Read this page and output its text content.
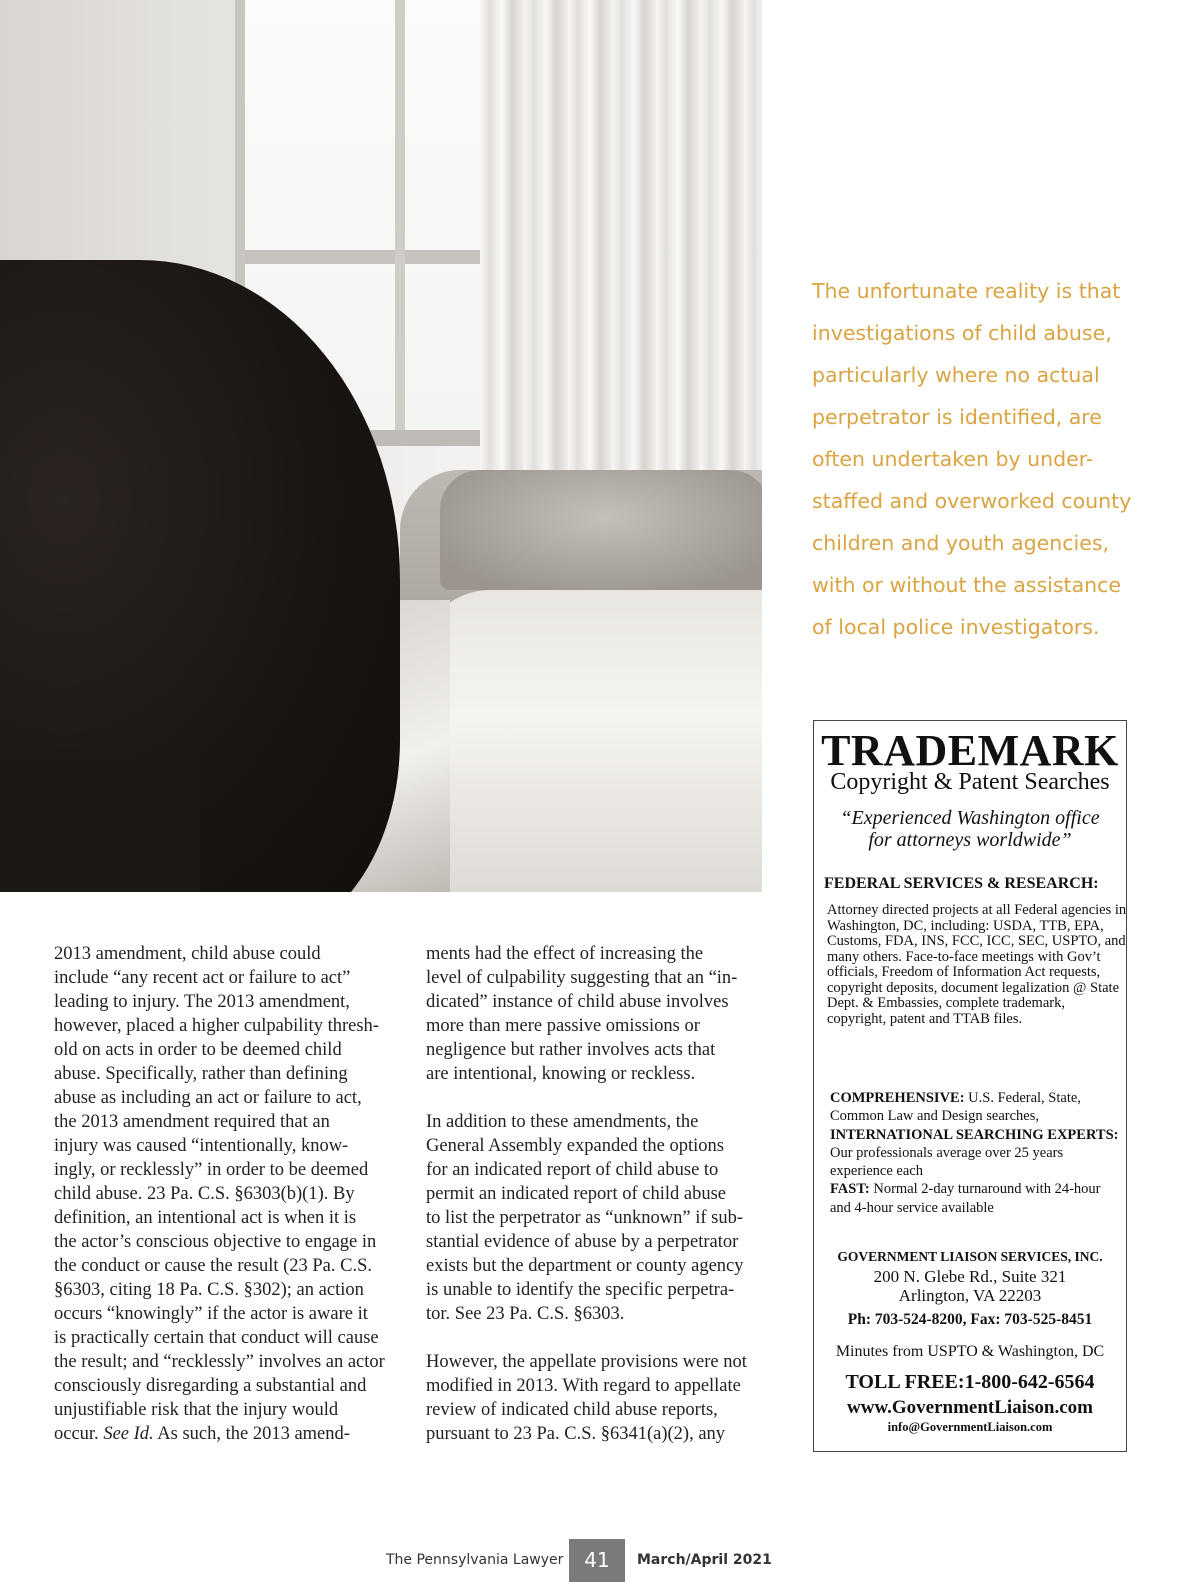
The unfortunate reality is that
investigations of child abuse,
particularly where no actual
perpetrator is identified, are
often undertaken by under-
staffed and overworked county
children and youth agencies,
with or without the assistance
of local police investigators.
TRADEMARK
Copyright & Patent Searches
“Experienced Washington office
for attorneys worldwide”
FEDERAL SERVICES & RESEARCH:
Attorney directed projects at all Federal agencies in Washington, DC, including: USDA, TTB, EPA, Customs, FDA, INS, FCC, ICC, SEC, USPTO, and many others. Face-to-face meetings with Gov’t officials, Freedom of Information Act requests, copyright deposits, document legalization @ State Dept. & Embassies, complete trademark, copyright, patent and TTAB files.
COMPREHENSIVE: U.S. Federal, State, Common Law and Design searches,
INTERNATIONAL SEARCHING EXPERTS: Our professionals average over 25 years experience each
FAST: Normal 2-day turnaround with 24-hour and 4-hour service available
GOVERNMENT LIAISON SERVICES, INC.
200 N. Glebe Rd., Suite 321
Arlington, VA 22203
Ph: 703-524-8200, Fax: 703-525-8451
Minutes from USPTO & Washington, DC
TOLL FREE:1-800-642-6564
www.GovernmentLiaison.com
info@GovernmentLiaison.com
2013 amendment, child abuse could
include “any recent act or failure to act”
leading to injury. The 2013 amendment,
however, placed a higher culpability thresh-
old on acts in order to be deemed child
abuse. Specifically, rather than defining
abuse as including an act or failure to act,
the 2013 amendment required that an
injury was caused “intentionally, know-
ingly, or recklessly” in order to be deemed
child abuse. 23 Pa. C.S. §6303(b)(1). By
definition, an intentional act is when it is
the actor’s conscious objective to engage in
the conduct or cause the result (23 Pa. C.S.
§6303, citing 18 Pa. C.S. §302); an action
occurs “knowingly” if the actor is aware it
is practically certain that conduct will cause
the result; and “recklessly” involves an actor
consciously disregarding a substantial and
unjustifiable risk that the injury would
occur. See Id. As such, the 2013 amend-
ments had the effect of increasing the
level of culpability suggesting that an “in-
dicated” instance of child abuse involves
more than mere passive omissions or
negligence but rather involves acts that
are intentional, knowing or reckless.
In addition to these amendments, the
General Assembly expanded the options
for an indicated report of child abuse to
permit an indicated report of child abuse
to list the perpetrator as “unknown” if sub-
stantial evidence of abuse by a perpetrator
exists but the department or county agency
is unable to identify the specific perpetra-
tor. See 23 Pa. C.S. §6303.
However, the appellate provisions were not
modified in 2013. With regard to appellate
review of indicated child abuse reports,
pursuant to 23 Pa. C.S. §6341(a)(2), any
The Pennsylvania Lawyer	41	March/April 2021
